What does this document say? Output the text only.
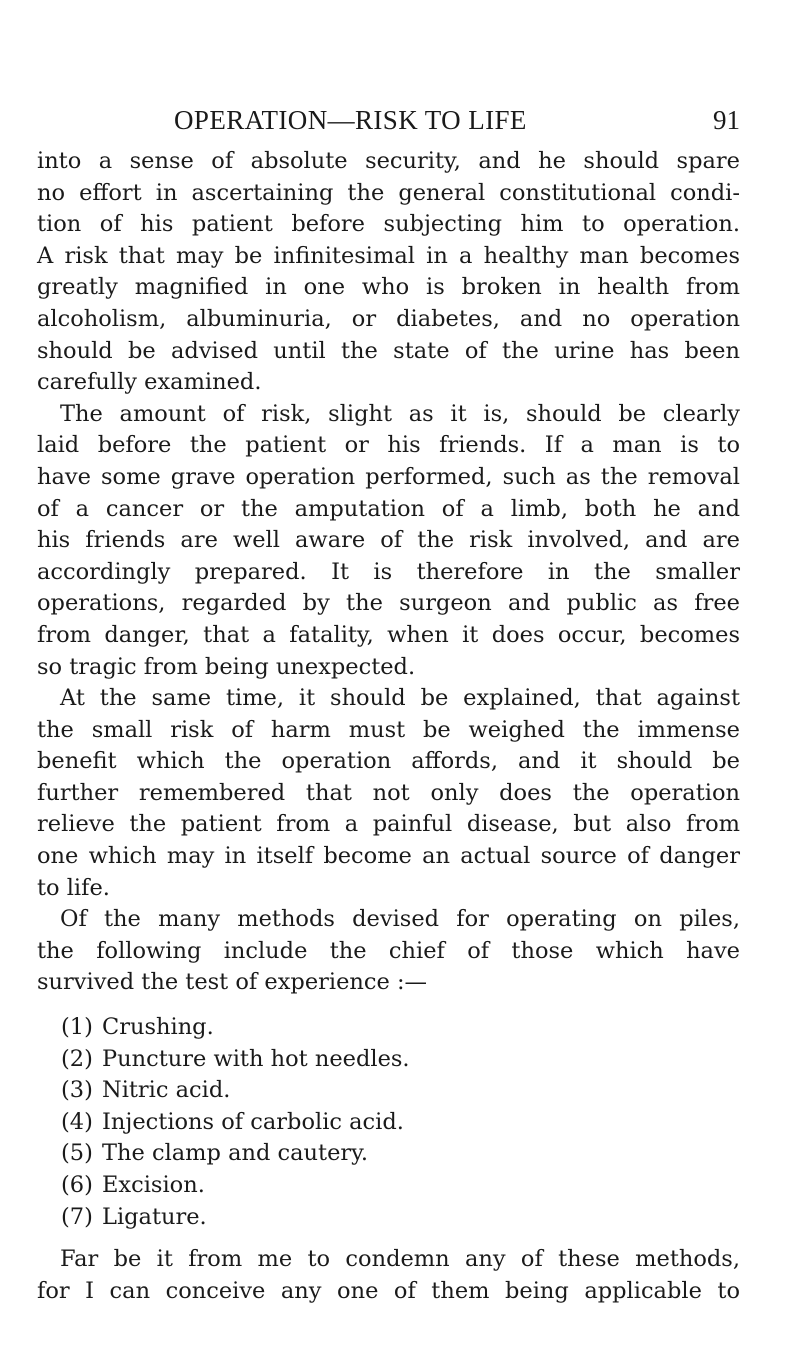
OPERATION—RISK TO LIFE	91

into a sense of absolute security, and he should spare
no effort in ascertaining the general constitutional condi-
tion of his patient before subjecting him to operation.
A risk that may be infinitesimal in a healthy man becomes
greatly magnified in one who is broken in health from
alcoholism, albuminuria, or diabetes, and no operation
should be advised until the state of the urine has been
carefully examined.

The amount of risk, slight as it is, should be clearly
laid before the patient or his friends. If a man is to
have some grave operation performed, such as the removal
of a cancer or the amputation of a limb, both he and
his friends are well aware of the risk involved, and are
accordingly prepared. It is therefore in the smaller
operations, regarded by the surgeon and public as free
from danger, that a fatality, when it does occur, becomes
so tragic from being unexpected.

At the same time, it should be explained, that against
the small risk of harm must be weighed the immense
benefit which the operation affords, and it should be
further remembered that not only does the operation
relieve the patient from a painful disease, but also from
one which may in itself become an actual source of danger
to life.

Of the many methods devised for operating on piles,
the following include the chief of those which have
survived the test of experience :—

(1) Crushing.
(2) Puncture with hot needles.
(3) Nitric acid.
(4) Injections of carbolic acid.
(5) The clamp and cautery.
(6) Excision.
(7) Ligature.

Far be it from me to condemn any of these methods,
for I can conceive any one of them being applicable to
